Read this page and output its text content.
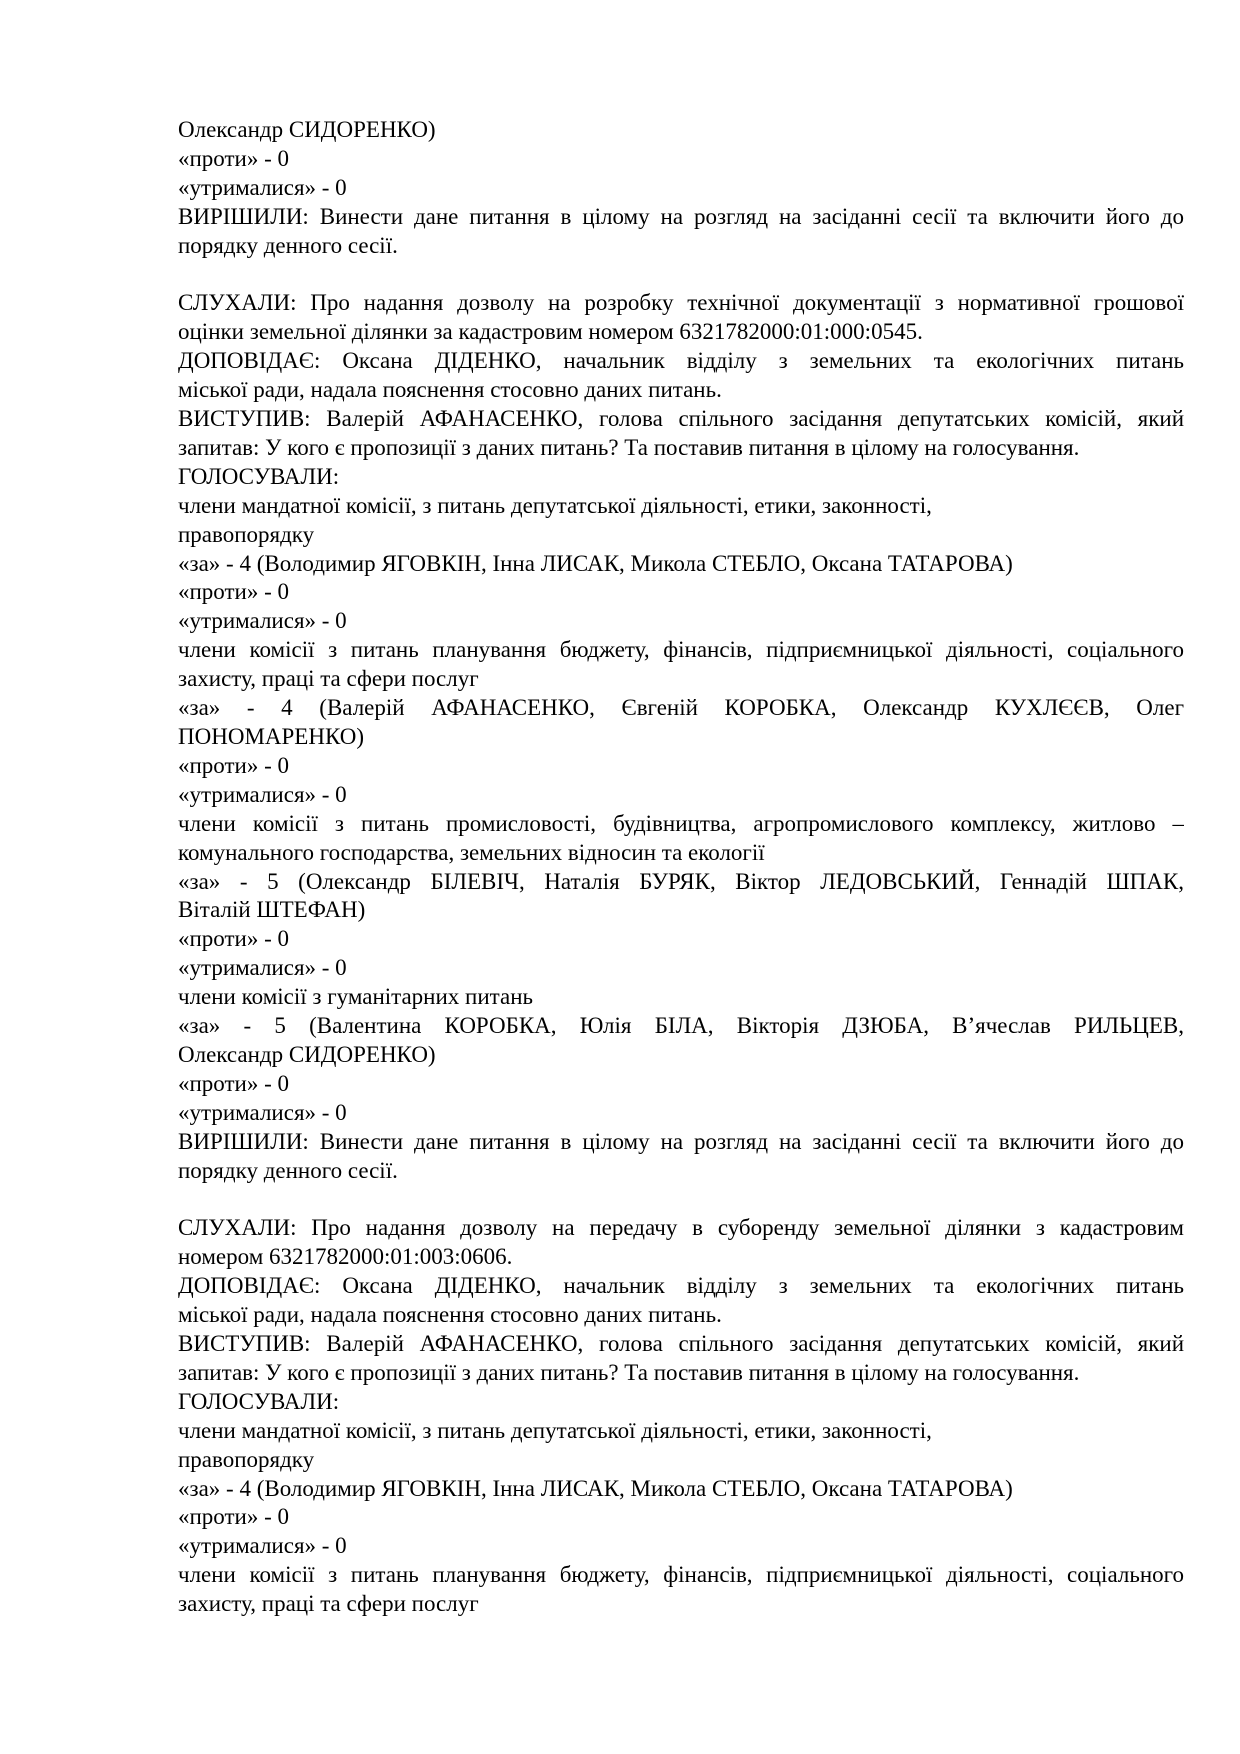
Олександр СИДОРЕНКО)
«проти» - 0
«утрималися» - 0
ВИРІШИЛИ: Винести дане питання в цілому на розгляд на засіданні сесії та включити його до
порядку денного сесії.
СЛУХАЛИ: Про надання дозволу на розробку технічної документації з нормативної грошової
оцінки земельної ділянки за кадастровим номером 6321782000:01:000:0545.
ДОПОВІДАЄ: Оксана ДІДЕНКО, начальник відділу з земельних та екологічних питань
міської ради, надала пояснення стосовно даних питань.
ВИСТУПИВ: Валерій АФАНАСЕНКО, голова спільного засідання депутатських комісій, який
запитав: У кого є пропозиції з даних питань? Та поставив питання в цілому на голосування.
ГОЛОСУВАЛИ:
члени мандатної комісії, з питань депутатської діяльності, етики, законності,
правопорядку
«за» - 4 (Володимир ЯГОВКІН, Інна ЛИСАК, Микола СТЕБЛО, Оксана ТАТАРОВА)
«проти» - 0
«утрималися» - 0
члени комісії з питань планування бюджету, фінансів, підприємницької діяльності, соціального
захисту, праці та сфери послуг
«за» - 4 (Валерій АФАНАСЕНКО, Євгеній КОРОБКА, Олександр КУХЛЄЄВ, Олег
ПОНОМАРЕНКО)
«проти» - 0
«утрималися» - 0
члени комісії з питань промисловості, будівництва, агропромислового комплексу, житлово –
комунального господарства, земельних відносин та екології
«за» - 5 (Олександр БІЛЕВІЧ, Наталія БУРЯК, Віктор ЛЕДОВСЬКИЙ, Геннадій ШПАК,
Віталій ШТЕФАН)
«проти» - 0
«утрималися» - 0
члени комісії з гуманітарних питань
«за» - 5 (Валентина КОРОБКА, Юлія БІЛА, Вікторія ДЗЮБА, В’ячеслав РИЛЬЦЕВ,
Олександр СИДОРЕНКО)
«проти» - 0
«утрималися» - 0
ВИРІШИЛИ: Винести дане питання в цілому на розгляд на засіданні сесії та включити його до
порядку денного сесії.
СЛУХАЛИ: Про надання дозволу на передачу в суборенду земельної ділянки з кадастровим
номером 6321782000:01:003:0606.
ДОПОВІДАЄ: Оксана ДІДЕНКО, начальник відділу з земельних та екологічних питань
міської ради, надала пояснення стосовно даних питань.
ВИСТУПИВ: Валерій АФАНАСЕНКО, голова спільного засідання депутатських комісій, який
запитав: У кого є пропозиції з даних питань? Та поставив питання в цілому на голосування.
ГОЛОСУВАЛИ:
члени мандатної комісії, з питань депутатської діяльності, етики, законності,
правопорядку
«за» - 4 (Володимир ЯГОВКІН, Інна ЛИСАК, Микола СТЕБЛО, Оксана ТАТАРОВА)
«проти» - 0
«утрималися» - 0
члени комісії з питань планування бюджету, фінансів, підприємницької діяльності, соціального
захисту, праці та сфери послуг
